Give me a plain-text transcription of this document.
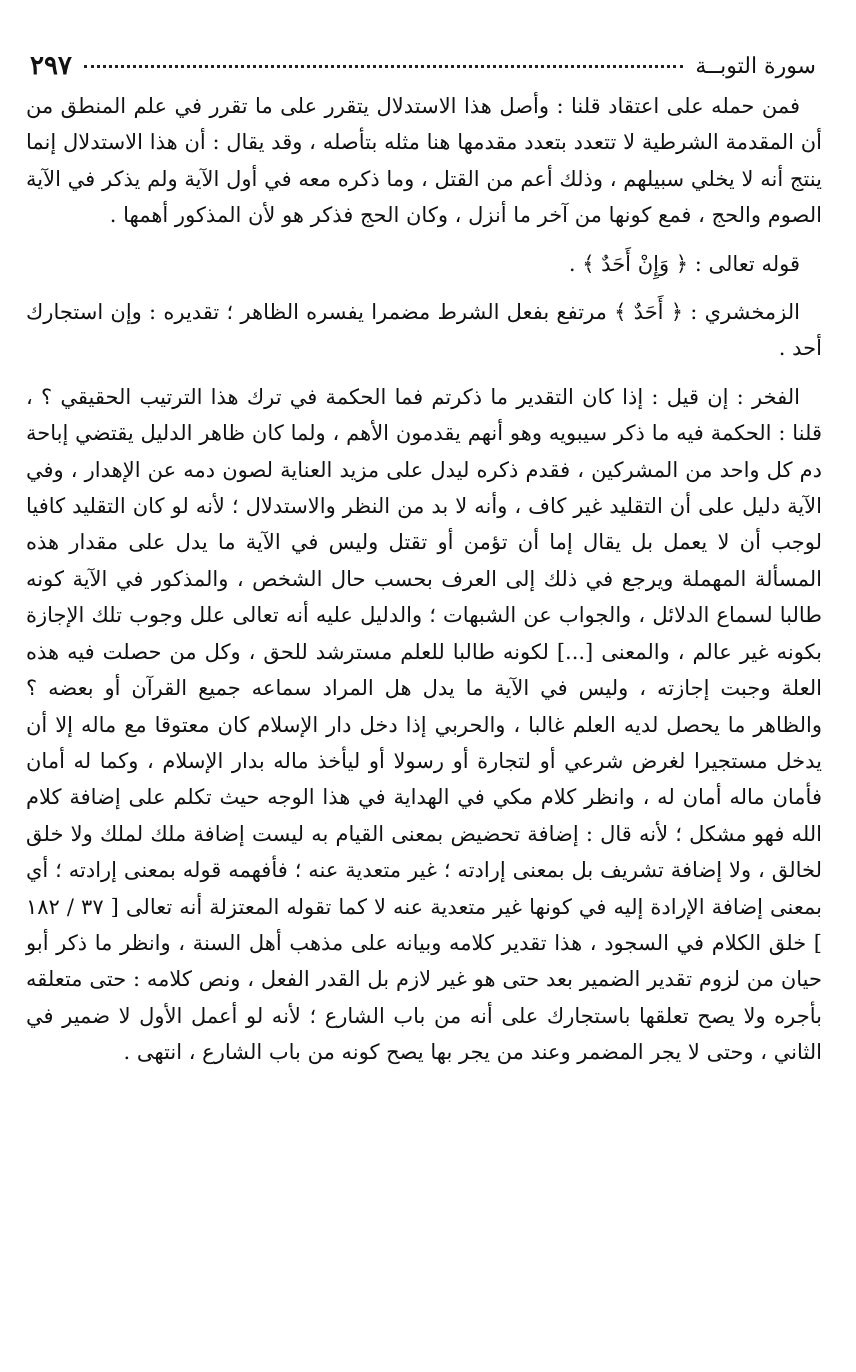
سورة التوبــة
٢٩٧

فمن حمله على اعتقاد قلنا : وأصل هذا الاستدلال يتقرر على ما تقرر في علم المنطق من أن المقدمة الشرطية لا تتعدد بتعدد مقدمها هنا مثله بتأصله ، وقد يقال : أن هذا الاستدلال إنما ينتج أنه لا يخلي سبيلهم ، وذلك أعم من القتل ، وما ذكره معه في أول الآية ولم يذكر في الآية الصوم والحج ، فمع كونها من آخر ما أنزل ، وكان الحج فذكر هو لأن المذكور أهمها .

قوله تعالى : ﴿ وَإِنْ أَحَدٌ ﴾ .

الزمخشري : ﴿ أَحَدٌ ﴾ مرتفع بفعل الشرط مضمرا يفسره الظاهر ؛ تقديره : وإن استجارك أحد .

الفخر : إن قيل : إذا كان التقدير ما ذكرتم فما الحكمة في ترك هذا الترتيب الحقيقي ؟ ، قلنا : الحكمة فيه ما ذكر سيبويه وهو أنهم يقدمون الأهم ، ولما كان ظاهر الدليل يقتضي إباحة دم كل واحد من المشركين ، فقدم ذكره ليدل على مزيد العناية لصون دمه عن الإهدار ، وفي الآية دليل على أن التقليد غير كاف ، وأنه لا بد من النظر والاستدلال ؛ لأنه لو كان التقليد كافيا لوجب أن لا يعمل بل يقال إما أن تؤمن أو تقتل وليس في الآية ما يدل على مقدار هذه المسألة المهملة ويرجع في ذلك إلى العرف بحسب حال الشخص ، والمذكور في الآية كونه طالبا لسماع الدلائل ، والجواب عن الشبهات ؛ والدليل عليه أنه تعالى علل وجوب تلك الإجازة بكونه غير عالم ، والمعنى [...] لكونه طالبا للعلم مسترشد للحق ، وكل من حصلت فيه هذه العلة وجبت إجازته ، وليس في الآية ما يدل هل المراد سماعه جميع القرآن أو بعضه ؟ والظاهر ما يحصل لديه العلم غالبا ، والحربي إذا دخل دار الإسلام كان معتوقا مع ماله إلا أن يدخل مستجيرا لغرض شرعي أو لتجارة أو رسولا أو ليأخذ ماله بدار الإسلام ، وكما له أمان فأمان ماله أمان له ، وانظر كلام مكي في الهداية في هذا الوجه حيث تكلم على إضافة كلام الله فهو مشكل ؛ لأنه قال : إضافة تحضيض بمعنى القيام به ليست إضافة ملك لملك ولا خلق لخالق ، ولا إضافة تشريف بل بمعنى إرادته ؛ غير متعدية عنه ؛ فأفهمه قوله بمعنى إرادته ؛ أي بمعنى إضافة الإرادة إليه في كونها غير متعدية عنه لا كما تقوله المعتزلة أنه تعالى [ ٣٧ / ١٨٢ ] خلق الكلام في السجود ، هذا تقدير كلامه وبيانه على مذهب أهل السنة ، وانظر ما ذكر أبو حيان من لزوم تقدير الضمير بعد حتى هو غير لازم بل القدر الفعل ، ونص كلامه : حتى متعلقه بأجره ولا يصح تعلقها باستجارك على أنه من باب الشارع ؛ لأنه لو أعمل الأول لا ضمير في الثاني ، وحتى لا يجر المضمر وعند من يجر بها يصح كونه من باب الشارع ، انتهى .
